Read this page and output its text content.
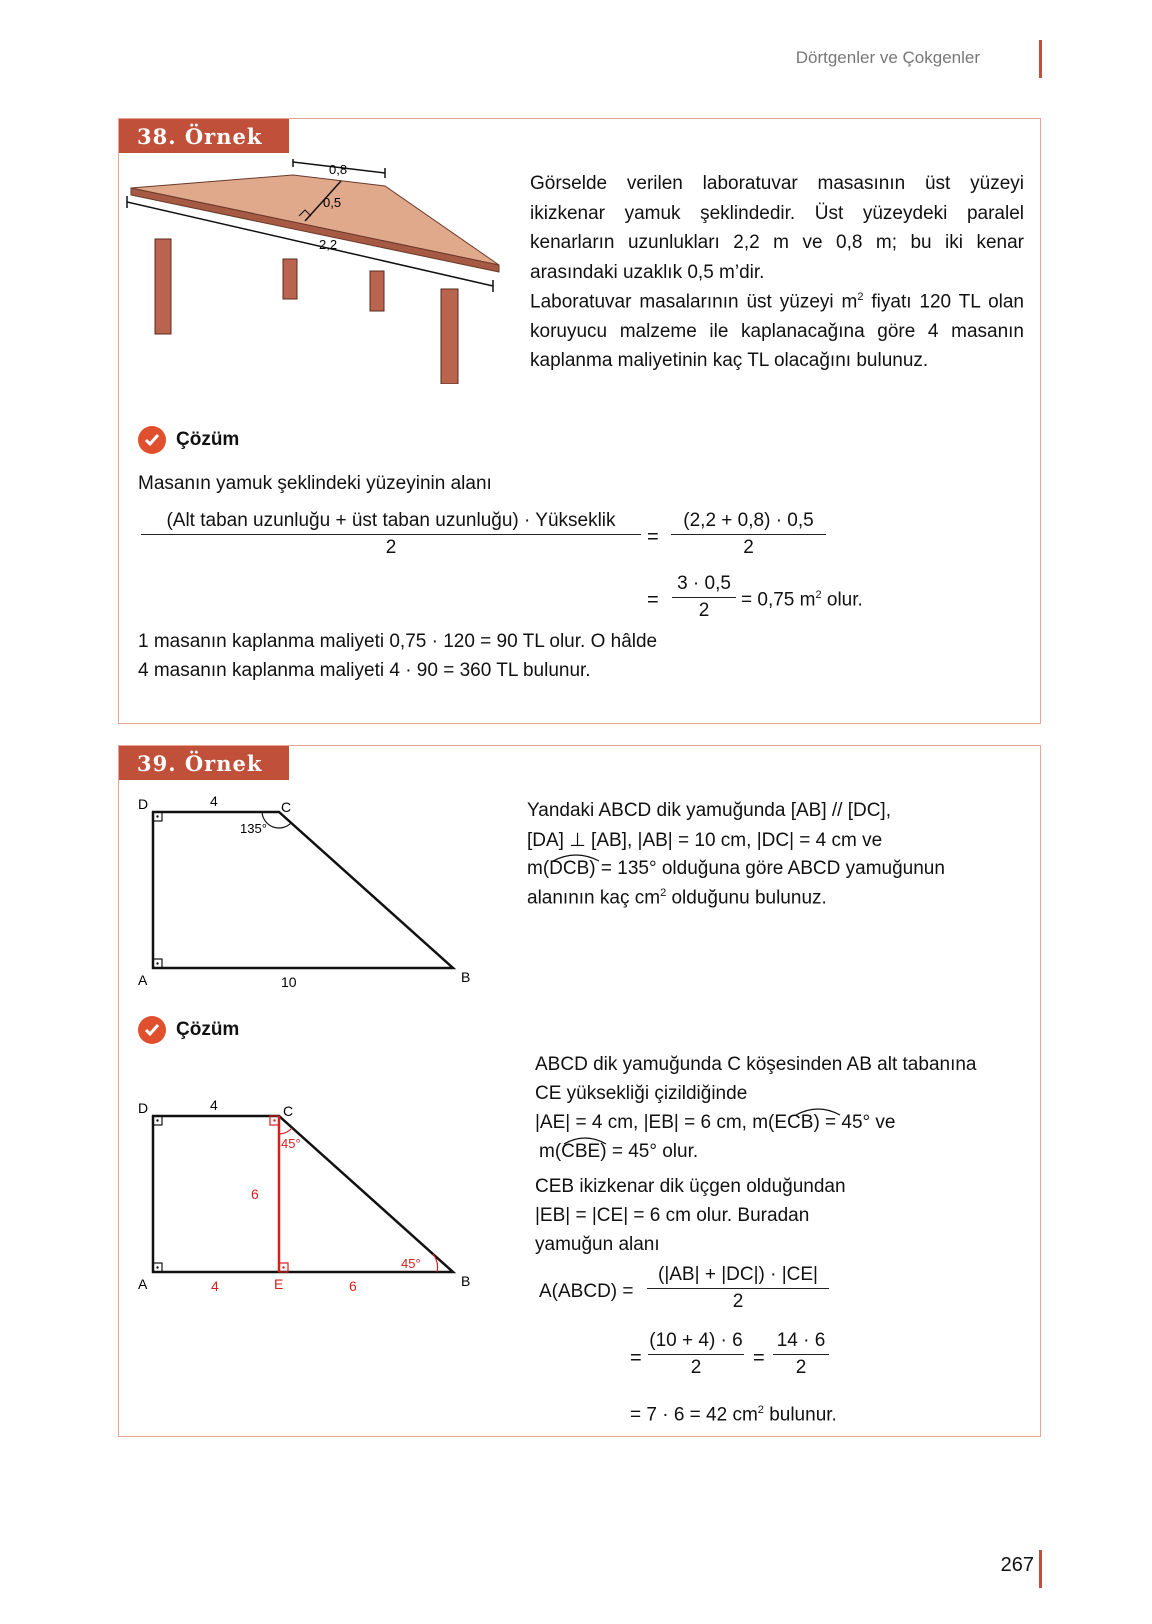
Dörtgenler ve Çokgenler
38. Örnek
0,8
0,5
2,2
Görselde verilen laboratuvar masasının üst yüzeyi ikizkenar yamuk şeklindedir. Üst yüzeydeki paralel kenarların uzunlukları 2,2 m ve 0,8 m; bu iki kenar arasındaki uzaklık 0,5 m’dir.
Laboratuvar masalarının üst yüzeyi $m^2$ fiyatı 120 TL olan koruyucu malzeme ile kaplanacağına göre 4 masanın kaplanma maliyetinin kaç TL olacağını bulunuz.
Çözüm
Masanın yamuk şeklindeki yüzeyinin alanı
(Alt taban uzunluğu + üst taban uzunluğu) · Yükseklik
2	=
(2,2 + 0,8) · 0,5
2
=
3 · 0,5
2
= 0,75 $m^2$ olur.
1 masanın kaplanma maliyeti 0,75 · 120 = 90 TL olur. O hâlde
4 masanın kaplanma maliyeti 4 · 90 = 360 TL bulunur.
39. Örnek
D	C
A	B
4
10
135°
Yandaki ABCD dik yamuğunda [AB] // [DC],
[DA] ⊥ [AB], |AB| = 10 cm, |DC| = 4 cm ve
m(DCB) = 135° olduğuna göre ABCD yamuğunun
alanının kaç $cm^2$ olduğunu bulunuz.
Çözüm
D	C
A	B
E
4
4	6
6
45°
45°
ABCD dik yamuğunda C köşesinden AB alt tabanına
CE yüksekliği çizildiğinde
|AE| = 4 cm, |EB| = 6 cm, m(ECB) = 45° ve
m(CBE) = 45° olur.
CEB ikizkenar dik üçgen olduğundan
|EB| = |CE| = 6 cm olur. Buradan
yamuğun alanı
A(ABCD) =
(|AB| + |DC|) · |CE|
2
=
(10 + 4) · 6
2	=
14 · 6
2
= 7 · 6 = 42 $cm^2$ bulunur.
267
